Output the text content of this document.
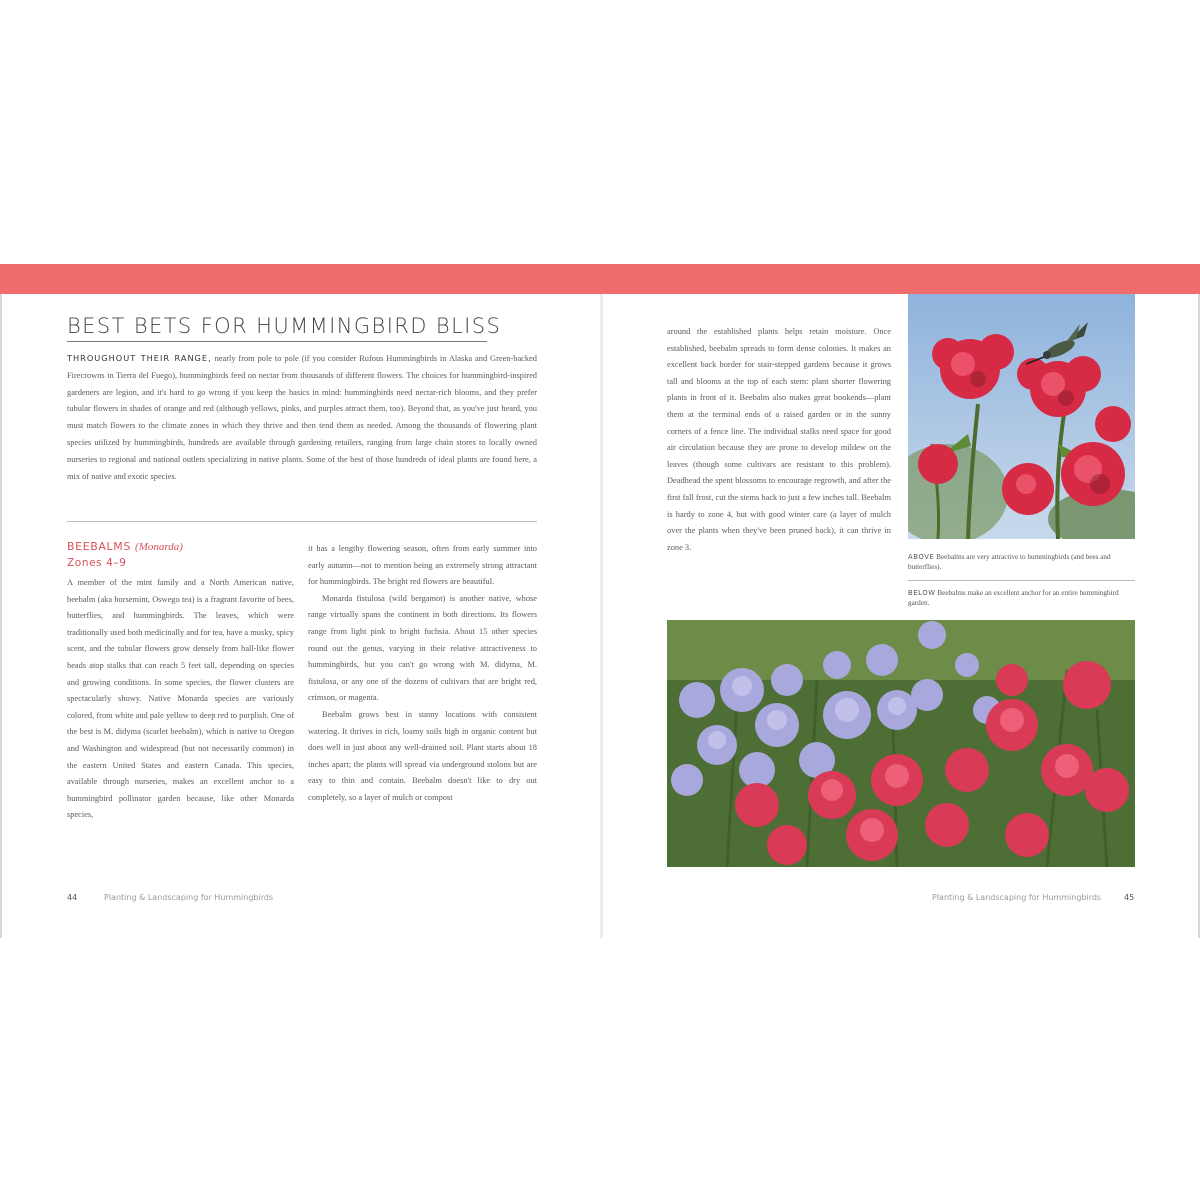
BEST BETS FOR HUMMINGBIRD BLISS
THROUGHOUT THEIR RANGE, nearly from pole to pole (if you consider Rufous Hummingbirds in Alaska and Green-backed Firecrowns in Tierra del Fuego), hummingbirds feed on nectar from thousands of different flowers. The choices for hummingbird-inspired gardeners are legion, and it's hard to go wrong if you keep the basics in mind: hummingbirds need nectar-rich blooms, and they prefer tubular flowers in shades of orange and red (although yellows, pinks, and purples attract them, too). Beyond that, as you've just heard, you must match flowers to the climate zones in which they thrive and then tend them as needed. Among the thousands of flowering plant species utilized by hummingbirds, hundreds are available through gardening retailers, ranging from large chain stores to locally owned nurseries to regional and national outlets specializing in native plants. Some of the best of those hundreds of ideal plants are found here, a mix of native and exotic species.
BEEBALMS (Monarda)
Zones 4–9

A member of the mint family and a North American native, beebalm (aka horsemint, Oswego tea) is a fragrant favorite of bees, butterflies, and hummingbirds. The leaves, which were traditionally used both medicinally and for tea, have a musky, spicy scent, and the tubular flowers grow densely from ball-like flower heads atop stalks that can reach 5 feet tall, depending on species and growing conditions. In some species, the flower clusters are spectacularly showy. Native Monarda species are variously colored, from white and pale yellow to deep red to purplish. One of the best is M. didyma (scarlet beebalm), which is native to Oregon and Washington and widespread (but not necessarily common) in the eastern United States and eastern Canada. This species, available through nurseries, makes an excellent anchor to a hummingbird pollinator garden because, like other Monarda species,

it has a lengthy flowering season, often from early summer into early autumn—not to mention being an extremely strong attractant for hummingbirds. The bright red flowers are beautiful.

Monarda fistulosa (wild bergamot) is another native, whose range virtually spans the continent in both directions. Its flowers range from light pink to bright fuchsia. About 15 other species round out the genus, varying in their relative attractiveness to hummingbirds, but you can't go wrong with M. didyma, M. fistulosa, or any one of the dozens of cultivars that are bright red, crimson, or magenta.

Beebalm grows best in sunny locations with consistent watering. It thrives in rich, loamy soils high in organic content but does well in just about any well-drained soil. Plant starts about 18 inches apart; the plants will spread via underground stolons but are easy to thin and contain. Beebalm doesn't like to dry out completely, so a layer of mulch or compost

44	Planting & Landscaping for Hummingbirds

around the established plants helps retain moisture. Once established, beebalm spreads to form dense colonies. It makes an excellent back border for stair-stepped gardens because it grows tall and blooms at the top of each stem: plant shorter flowering plants in front of it. Beebalm also makes great bookends—plant them at the terminal ends of a raised garden or in the sunny corners of a fence line. The individual stalks need space for good air circulation because they are prone to develop mildew on the leaves (though some cultivars are resistant to this problem). Deadhead the spent blossoms to encourage regrowth, and after the first fall frost, cut the stems back to just a few inches tall. Beebalm is hardy to zone 4, but with good winter care (a layer of mulch over the plants when they've been pruned back), it can thrive in zone 3.

ABOVE Beebalms are very attractive to hummingbirds (and bees and butterflies).
BELOW Beebalms make an excellent anchor for an entire hummingbird garden.
Planting & Landscaping for Hummingbirds	45
